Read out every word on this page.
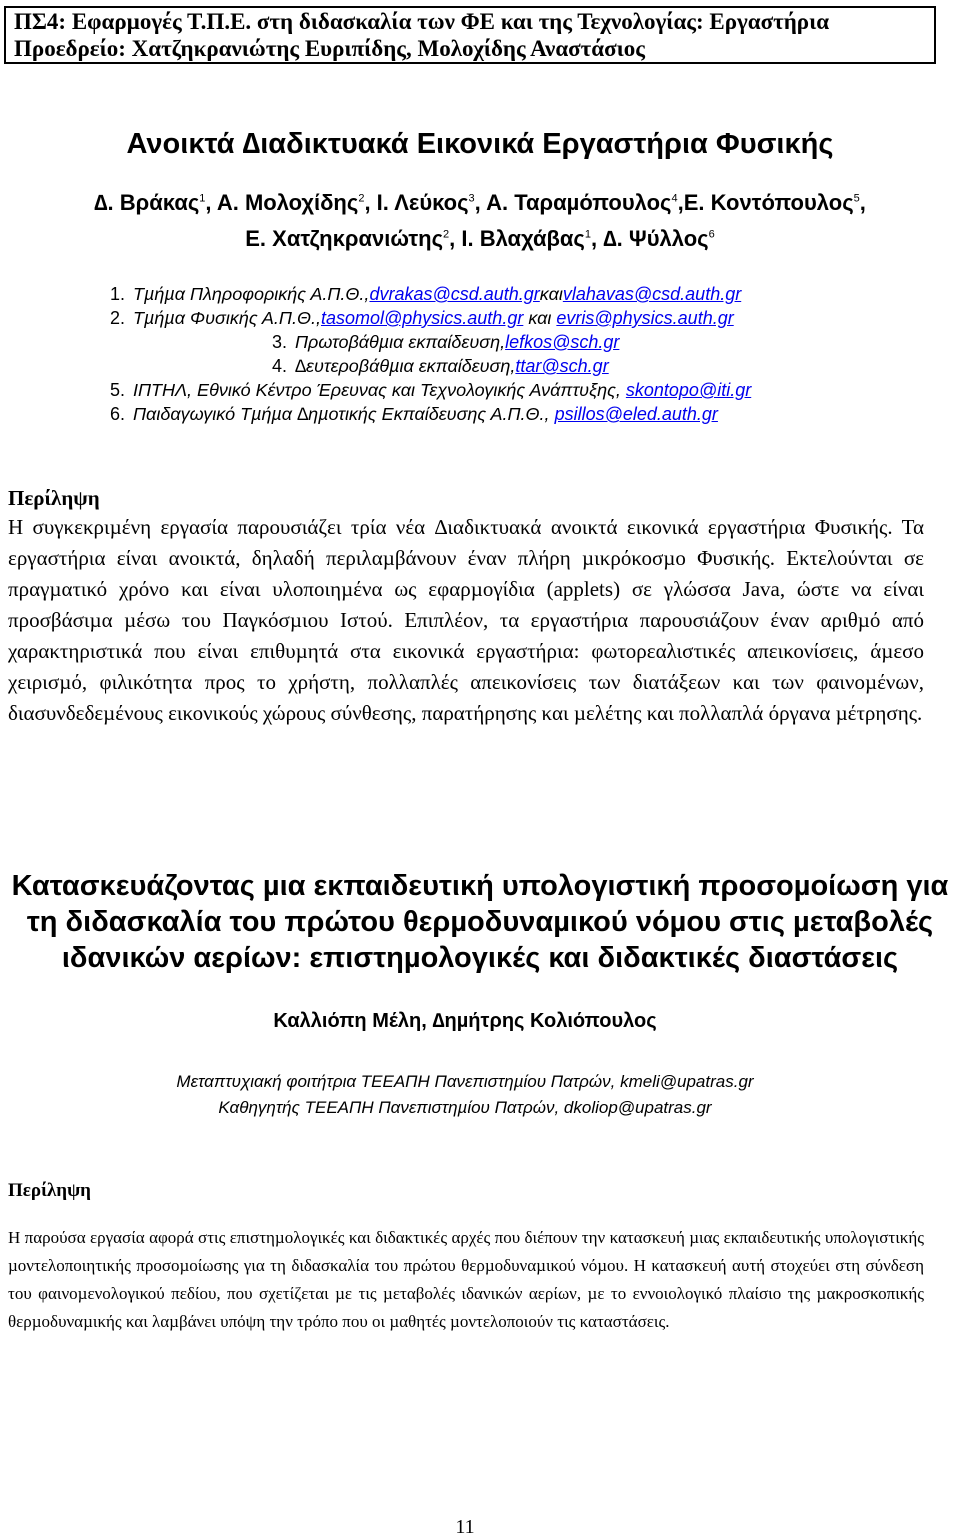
ΠΣ4: Εφαρµογές Τ.Π.Ε. στη διδασκαλία των ΦΕ και της Τεχνολογίας: Εργαστήρια
Προεδρείο: Χατζηκρανιώτης Ευριπίδης, Μολοχίδης Αναστάσιος
Ανοικτά ∆ιαδικτυακά Εικονικά Εργαστήρια Φυσικής
∆. Βράκας$^1$, Α. Μολοχίδης$^2$, Ι. Λεύκος$^3$, Α. Ταραµόπουλος$^4$,Ε. Κοντόπουλος$^5$,
Ε. Χατζηκρανιώτης$^2$, Ι. Βλαχάβας$^1$, ∆. Ψύλλος$^6$
1. Τµήµα Πληροφορικής Α.Π.Θ.,dvrakas@csd.auth.grκαιvlahavas@csd.auth.gr
2. Τµήµα Φυσικής Α.Π.Θ.,tasomol@physics.auth.gr και evris@physics.auth.gr
3. Πρωτοβάθµια εκπαίδευση,lefkos@sch.gr
4. ∆ευτεροβάθµια εκπαίδευση,ttar@sch.gr
5. ΙΠΤΗΛ, Εθνικό Κέντρο Έρευνας και Τεχνολογικής Ανάπτυξης, skontopo@iti.gr
6. Παιδαγωγικό Τµήµα ∆ηµοτικής Εκπαίδευσης Α.Π.Θ., psillos@eled.auth.gr
Περίληψη
Η συγκεκριµένη εργασία παρουσιάζει τρία νέα ∆ιαδικτυακά ανοικτά εικονικά εργαστήρια Φυσικής. Τα εργαστήρια είναι ανοικτά, δηλαδή περιλαµβάνουν έναν πλήρη µικρόκοσµο Φυσικής. Εκτελούνται σε πραγµατικό χρόνο και είναι υλοποιηµένα ως εφαρµογίδια (applets) σε γλώσσα Java, ώστε να είναι προσβάσιµα µέσω του Παγκόσµιου Ιστού. Επιπλέον, τα εργαστήρια παρουσιάζουν έναν αριθµό από χαρακτηριστικά που είναι επιθυµητά στα εικονικά εργαστήρια: φωτορεαλιστικές απεικονίσεις, άµεσο χειρισµό, φιλικότητα προς το χρήστη, πολλαπλές απεικονίσεις των διατάξεων και των φαινοµένων, διασυνδεδεµένους εικονικούς χώρους σύνθεσης, παρατήρησης και µελέτης και πολλαπλά όργανα µέτρησης.
Κατασκευάζοντας µια εκπαιδευτική υπολογιστική προσοµοίωση για
τη διδασκαλία του πρώτου θερµοδυναµικού νόµου στις µεταβολές
ιδανικών αερίων: επιστηµολογικές και διδακτικές διαστάσεις
Καλλιόπη Μέλη, ∆ηµήτρης Κολιόπουλος
Μεταπτυχιακή φοιτήτρια ΤΕΕΑΠΗ Πανεπιστηµίου Πατρών, kmeli@upatras.gr
Καθηγητής ΤΕΕΑΠΗ Πανεπιστηµίου Πατρών, dkoliop@upatras.gr
Περίληψη
Η παρούσα εργασία αφορά στις επιστηµολογικές και διδακτικές αρχές που διέπουν την κατασκευή µιας εκπαιδευτικής υπολογιστικής µοντελοποιητικής προσοµοίωσης για τη διδασκαλία του πρώτου θερµοδυναµικού νόµου. Η κατασκευή αυτή στοχεύει στη σύνδεση του φαινοµενολογικού πεδίου, που σχετίζεται µε τις µεταβολές ιδανικών αερίων, µε το εννοιολογικό πλαίσιο της µακροσκοπικής θερµοδυναµικής και λαµβάνει υπόψη την τρόπο που οι µαθητές µοντελοποιούν τις καταστάσεις.
11
